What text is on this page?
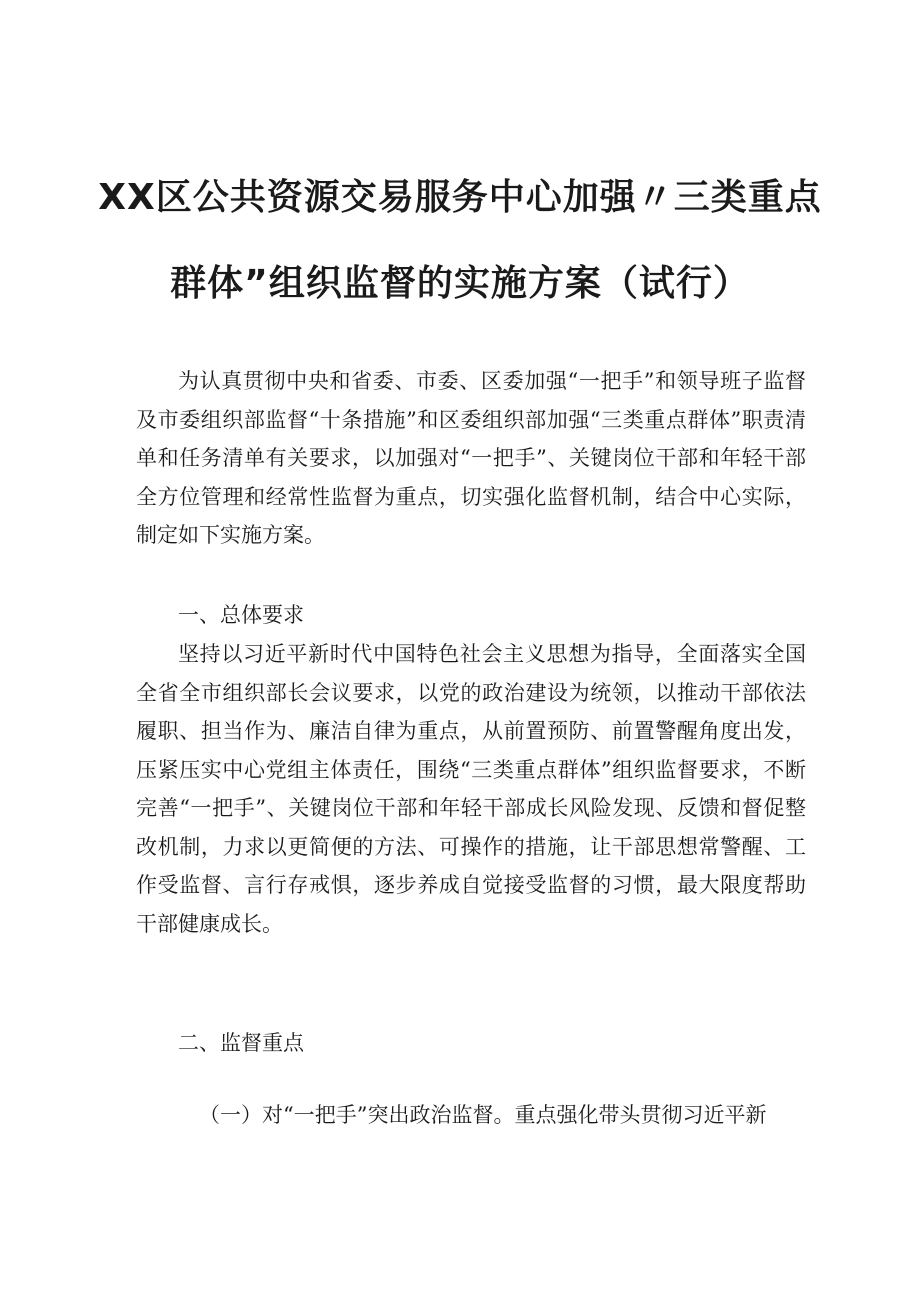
XX区公共资源交易服务中心加强〃三类重点
群体”组织监督的实施方案（试行）

为认真贯彻中央和省委、市委、区委加强“一把手”和领导班子监督及市委组织部监督“十条措施”和区委组织部加强“三类重点群体”职责清单和任务清单有关要求，以加强对“一把手”、关键岗位干部和年轻干部全方位管理和经常性监督为重点，切实强化监督机制，结合中心实际，制定如下实施方案。

一、总体要求

坚持以习近平新时代中国特色社会主义思想为指导，全面落实全国全省全市组织部长会议要求，以党的政治建设为统领，以推动干部依法履职、担当作为、廉洁自律为重点，从前置预防、前置警醒角度出发，压紧压实中心党组主体责任，围绕“三类重点群体”组织监督要求，不断完善“一把手”、关键岗位干部和年轻干部成长风险发现、反馈和督促整改机制，力求以更简便的方法、可操作的措施，让干部思想常警醒、工作受监督、言行存戒惧，逐步养成自觉接受监督的习惯，最大限度帮助干部健康成长。

二、监督重点

（一）对“一把手”突出政治监督。重点强化带头贯彻习近平新
